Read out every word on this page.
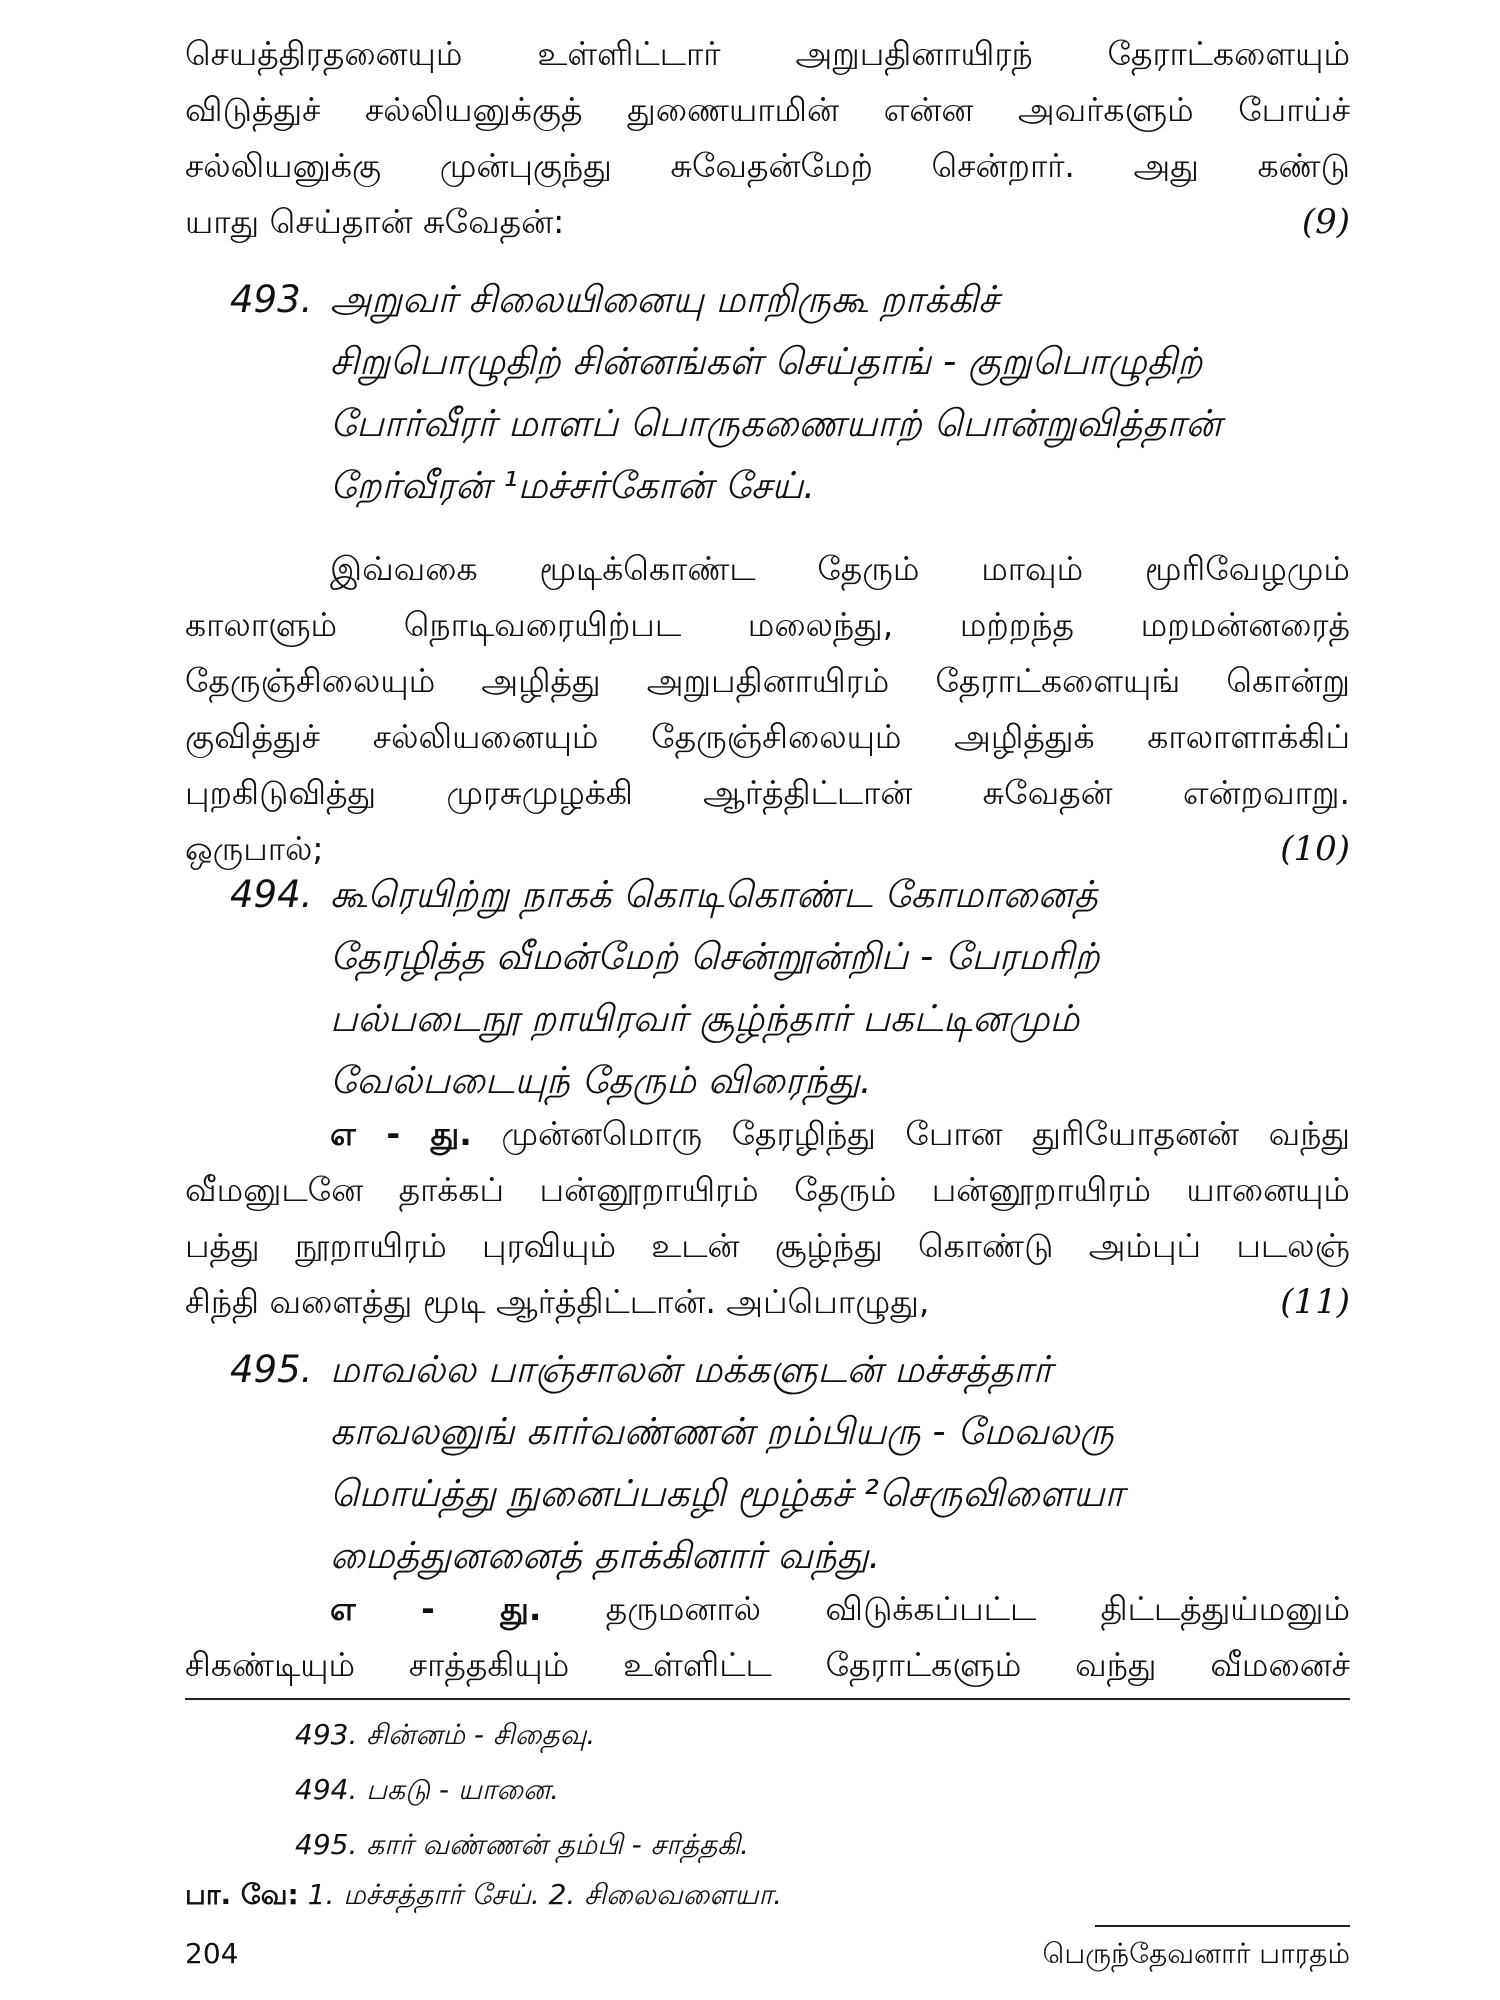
செயத்திரதனையும் உள்ளிட்டார் அறுபதினாயிரந் தேராட்களையும்
விடுத்துச் சல்லியனுக்குத் துணையாமின் என்ன அவர்களும் போய்ச்
சல்லியனுக்கு முன்புகுந்து சுவேதன்மேற் சென்றார். அது கண்டு
யாது செய்தான் சுவேதன்:	(9)
493. அறுவர் சிலையினையு மாறிருகூ றாக்கிச்
சிறுபொழுதிற் சின்னங்கள் செய்தாங் - குறுபொழுதிற்
போர்வீரர் மாளப் பொருகணையாற் பொன்றுவித்தான்
றேர்வீரன் ¹மச்சர்கோன் சேய்.
இவ்வகை மூடிக்கொண்ட தேரும் மாவும் மூரிவேழமும்
காலாளும் நொடிவரையிற்பட மலைந்து, மற்றந்த மறமன்னரைத்
தேருஞ்சிலையும் அழித்து அறுபதினாயிரம் தேராட்களையுங் கொன்று
குவித்துச் சல்லியனையும் தேருஞ்சிலையும் அழித்துக் காலாளாக்கிப்
புறகிடுவித்து முரசுமுழக்கி ஆர்த்திட்டான் சுவேதன் என்றவாறு.
ஒருபால்;	(10)
494. கூரெயிற்று நாகக் கொடிகொண்ட கோமானைத்
தேரழித்த வீமன்மேற் சென்றூன்றிப் - பேரமரிற்
பல்படைநூ றாயிரவர் சூழ்ந்தார் பகட்டினமும்
வேல்படையுந் தேரும் விரைந்து.
எ - து. முன்னமொரு தேரழிந்து போன துரியோதனன் வந்து
வீமனுடனே தாக்கப் பன்னூறாயிரம் தேரும் பன்னூறாயிரம் யானையும்
பத்து நூறாயிரம் புரவியும் உடன் சூழ்ந்து கொண்டு அம்புப் படலஞ்
சிந்தி வளைத்து மூடி ஆர்த்திட்டான். அப்பொழுது,	(11)
495. மாவல்ல பாஞ்சாலன் மக்களுடன் மச்சத்தார்
காவலனுங் கார்வண்ணன் றம்பியரு - மேவலரு
மொய்த்து நுனைப்பகழி மூழ்கச் ²செருவிளையா
மைத்துனனைத் தாக்கினார் வந்து.
எ - து. தருமனால் விடுக்கப்பட்ட திட்டத்துய்மனும்
சிகண்டியும் சாத்தகியும் உள்ளிட்ட தேராட்களும் வந்து வீமனைச்
493. சின்னம் - சிதைவு.
494. பகடு - யானை.
495. கார் வண்ணன் தம்பி - சாத்தகி.
பா. வே: 1. மச்சத்தார் சேய். 2. சிலைவளையா.
204	பெருந்தேவனார் பாரதம்
